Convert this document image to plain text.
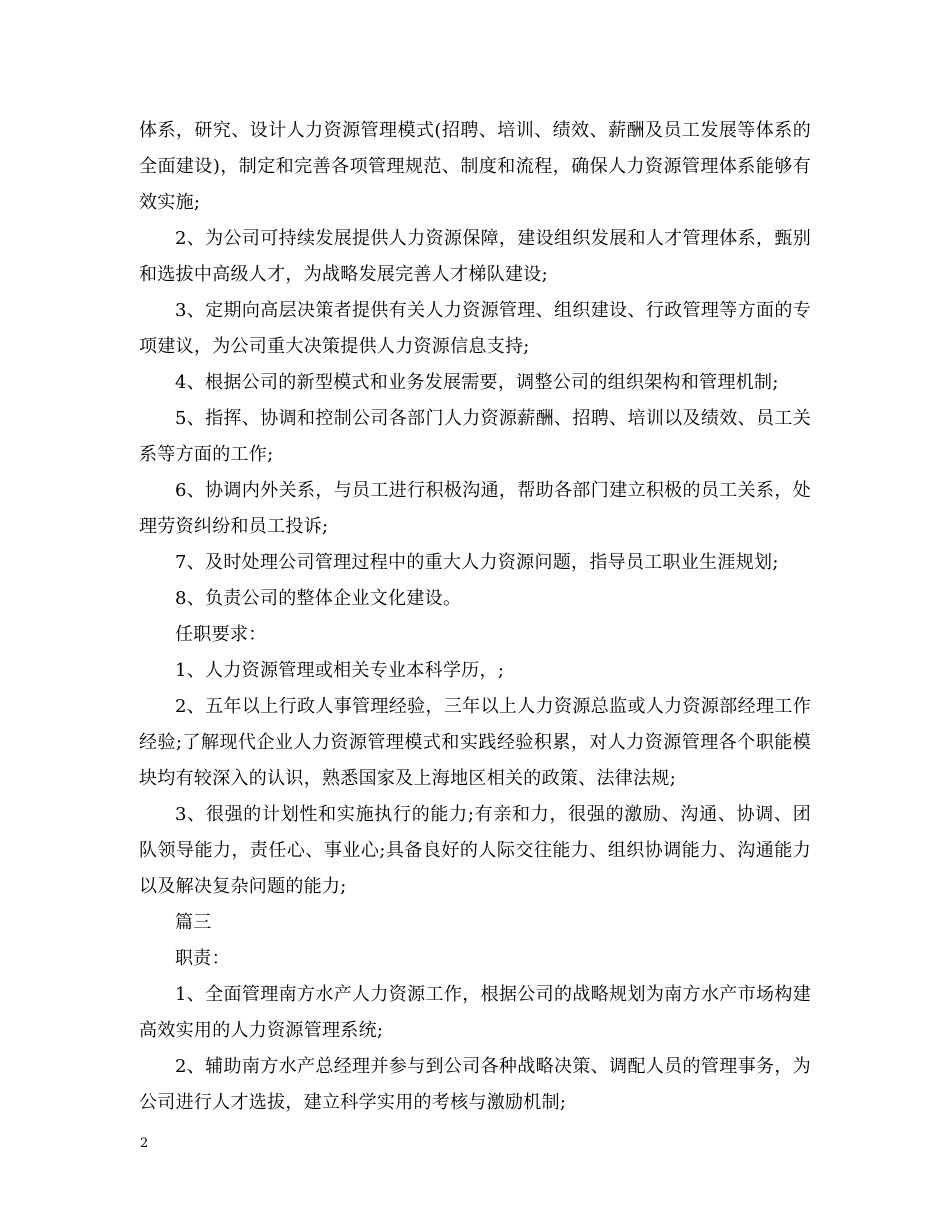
体系，研究、设计人力资源管理模式(招聘、培训、绩效、薪酬及员工发展等体系的全面建设)，制定和完善各项管理规范、制度和流程，确保人力资源管理体系能够有效实施;

2、为公司可持续发展提供人力资源保障，建设组织发展和人才管理体系，甄别和选拔中高级人才，为战略发展完善人才梯队建设;

3、定期向高层决策者提供有关人力资源管理、组织建设、行政管理等方面的专项建议，为公司重大决策提供人力资源信息支持;

4、根据公司的新型模式和业务发展需要，调整公司的组织架构和管理机制;

5、指挥、协调和控制公司各部门人力资源薪酬、招聘、培训以及绩效、员工关系等方面的工作;

6、协调内外关系，与员工进行积极沟通，帮助各部门建立积极的员工关系，处理劳资纠纷和员工投诉;

7、及时处理公司管理过程中的重大人力资源问题，指导员工职业生涯规划;

8、负责公司的整体企业文化建设。

任职要求：

1、人力资源管理或相关专业本科学历，;

2、五年以上行政人事管理经验，三年以上人力资源总监或人力资源部经理工作经验;了解现代企业人力资源管理模式和实践经验积累，对人力资源管理各个职能模块均有较深入的认识，熟悉国家及上海地区相关的政策、法律法规;

3、很强的计划性和实施执行的能力;有亲和力，很强的激励、沟通、协调、团队领导能力，责任心、事业心;具备良好的人际交往能力、组织协调能力、沟通能力以及解决复杂问题的能力;

篇三

职责：

1、全面管理南方水产人力资源工作，根据公司的战略规划为南方水产市场构建高效实用的人力资源管理系统;

2、辅助南方水产总经理并参与到公司各种战略决策、调配人员的管理事务，为公司进行人才选拔，建立科学实用的考核与激励机制;

2
